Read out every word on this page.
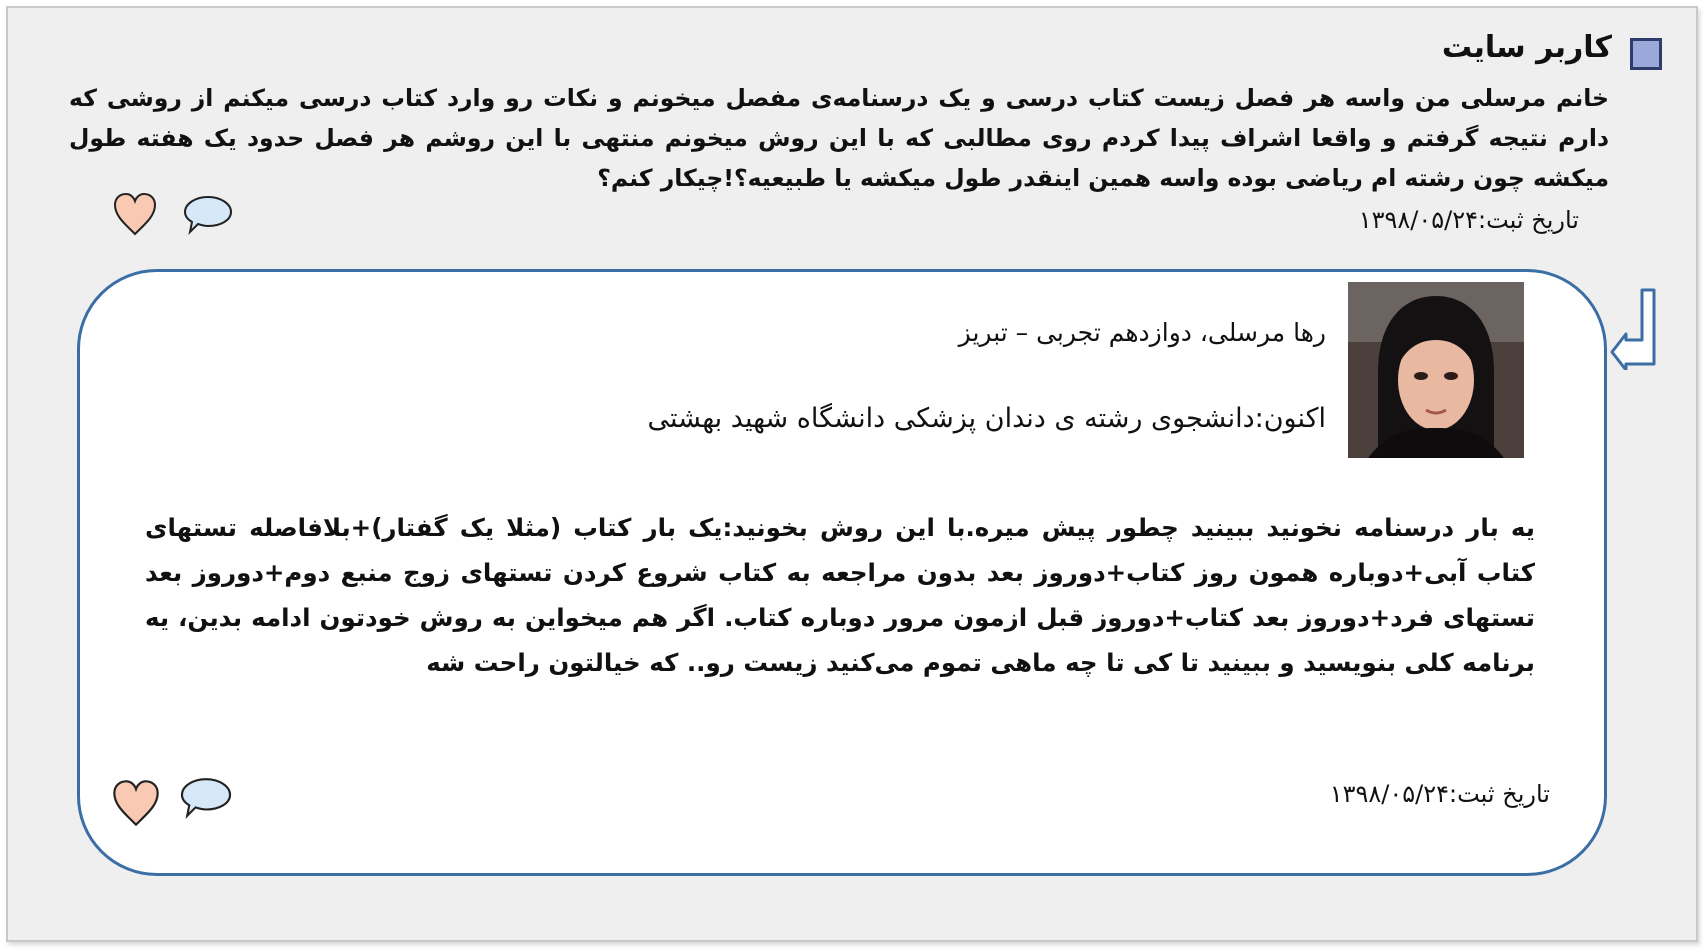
کاربر سایت
خانم مرسلی من واسه هر فصل زیست کتاب درسی و یک درسنامه‌ی مفصل میخونم و نکات رو وارد کتاب درسی میکنم از روشی که دارم نتیجه گرفتم و واقعا اشراف پیدا کردم روی مطالبی که با این روش میخونم منتهی با این روشم هر فصل حدود یک هفته طول میکشه چون رشته ام ریاضی بوده واسه همین اینقدر طول میکشه یا طبیعیه؟!چیکار کنم؟
تاریخ ثبت:۱۳۹۸/۰۵/۲۴
رها مرسلی، دوازدهم تجربی – تبریز
اکنون:دانشجوی رشته ی دندان پزشکی دانشگاه شهید بهشتی
یه بار درسنامه نخونید ببینید چطور پیش میره.با این روش بخونید:یک بار کتاب (مثلا یک گفتار)+بلافاصله تستهای کتاب آبی+دوباره همون روز کتاب+دوروز بعد بدون مراجعه به کتاب شروع کردن تستهای زوج منبع دوم+دوروز بعد تستهای فرد+دوروز بعد کتاب+دوروز قبل ازمون مرور دوباره کتاب. اگر هم میخواین به روش خودتون ادامه بدین، یه برنامه کلی بنویسید و ببینید تا کی تا چه ماهی تموم می‌کنید زیست رو.. که خیالتون راحت شه
تاریخ ثبت:۱۳۹۸/۰۵/۲۴
